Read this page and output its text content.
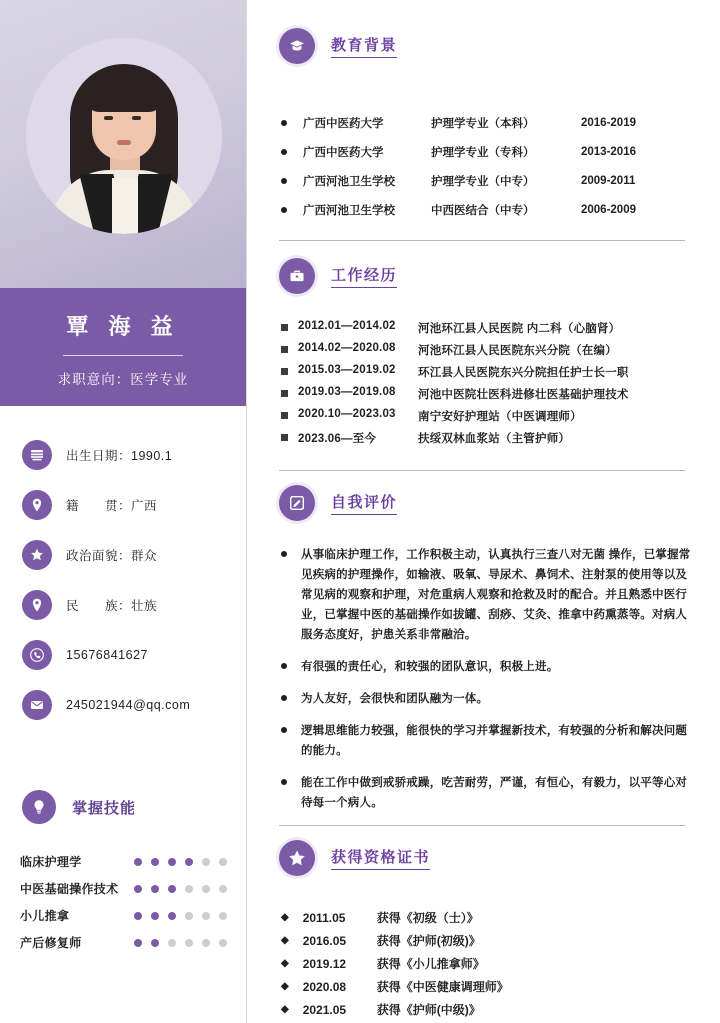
覃 海 益
求职意向：医学专业
出生日期：1990.1
籍　　贯：广西
政治面貌：群众
民　　族：壮族
15676841627
245021944@qq.com
掌握技能
临床护理学
中医基础操作技术
小儿推拿
产后修复师
教育背景
广西中医药大学	护理学专业（本科）	2016-2019
广西中医药大学	护理学专业（专科）	2013-2016
广西河池卫生学校	护理学专业（中专）	2009-2011
广西河池卫生学校	中西医结合（中专）	2006-2009
工作经历
2012.01—2014.02	河池环江县人民医院 内二科（心脑肾）
2014.02—2020.08	河池环江县人民医院东兴分院（在编）
2015.03—2019.02	环江县人民医院东兴分院担任护士长一职
2019.03—2019.08	河池中医院壮医科进修壮医基础护理技术
2020.10—2023.03	南宁安好护理站（中医调理师）
2023.06—至今	扶绥双林血浆站（主管护师）
自我评价
从事临床护理工作，工作积极主动，认真执行三查八对无菌 操作，已掌握常见疾病的护理操作，如输液、吸氧、导尿术、鼻饲术、注射泵的使用等以及常见病的观察和护理，对危重病人观察和抢救及时的配合。并且熟悉中医行业，已掌握中医的基础操作如拔罐、刮痧、艾灸、推拿中药熏蒸等。对病人服务态度好，护患关系非常融洽。
有很强的责任心，和较强的团队意识，积极上进。
为人友好，会很快和团队融为一体。
逻辑思维能力较强，能很快的学习并掌握新技术，有较强的分析和解决问题的能力。
能在工作中做到戒骄戒躁，吃苦耐劳，严谨，有恒心，有毅力，以平等心对待每一个病人。
获得资格证书
◆ 2011.05	获得《初级（士）》
◆ 2016.05	获得《护师(初级)》
◆ 2019.12	获得《小儿推拿师》
◆ 2020.08	获得《中医健康调理师》
◆ 2021.05	获得《护师(中级)》
